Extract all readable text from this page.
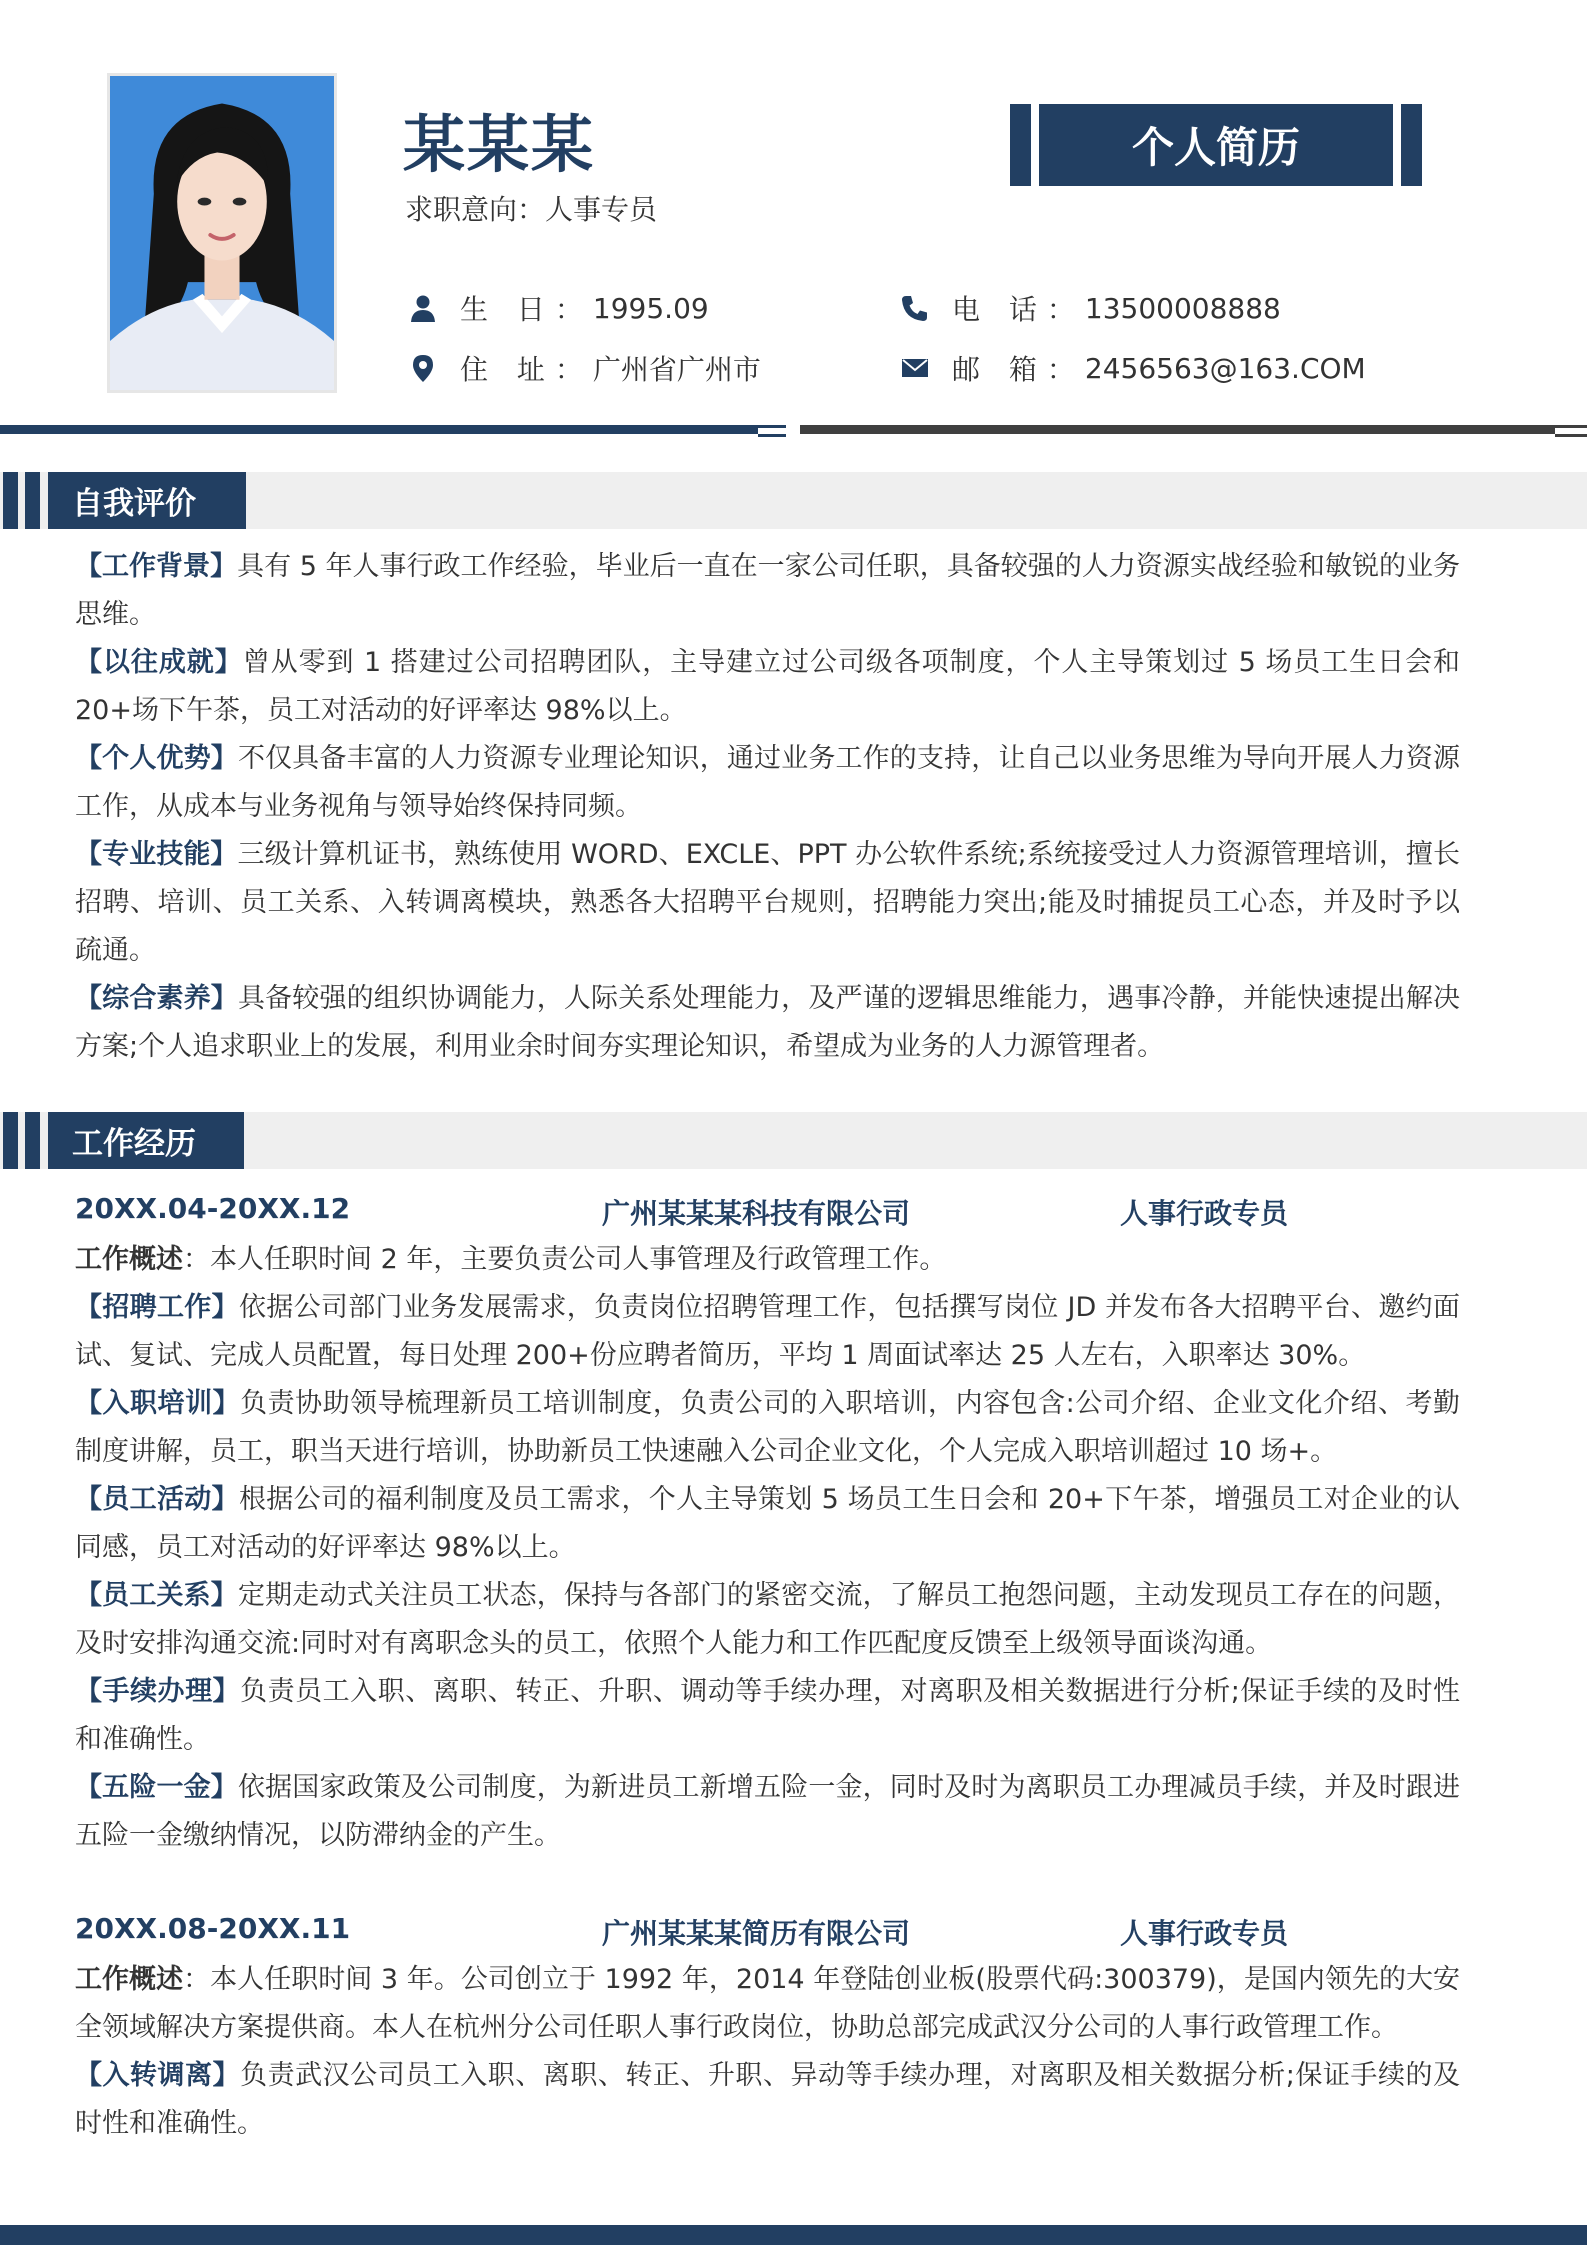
某某某
求职意向：人事专员
个人简历
生 日： 1995.09
住 址： 广州省广州市
电 话： 13500008888
邮 箱： 2456563@163.COM
自我评价
【工作背景】具有 5 年人事行政工作经验，毕业后一直在一家公司任职，具备较强的人力资源实战经验和敏锐的业务思维。
【以往成就】曾从零到 1 搭建过公司招聘团队，主导建立过公司级各项制度，个人主导策划过 5 场员工生日会和 20+场下午茶，员工对活动的好评率达 98%以上。
【个人优势】不仅具备丰富的人力资源专业理论知识，通过业务工作的支持，让自己以业务思维为导向开展人力资源工作，从成本与业务视角与领导始终保持同频。
【专业技能】三级计算机证书，熟练使用 WORD、EXCLE、PPT 办公软件系统;系统接受过人力资源管理培训，擅长招聘、培训、员工关系、入转调离模块，熟悉各大招聘平台规则，招聘能力突出;能及时捕捉员工心态，并及时予以疏通。
【综合素养】具备较强的组织协调能力，人际关系处理能力，及严谨的逻辑思维能力，遇事冷静，并能快速提出解决方案;个人追求职业上的发展，利用业余时间夯实理论知识，希望成为业务的人力源管理者。
工作经历
20XX.04-20XX.12	广州某某某科技有限公司	人事行政专员
工作概述：本人任职时间 2 年，主要负责公司人事管理及行政管理工作。
【招聘工作】依据公司部门业务发展需求，负责岗位招聘管理工作，包括撰写岗位 JD 并发布各大招聘平台、邀约面试、复试、完成人员配置，每日处理 200+份应聘者简历，平均 1 周面试率达 25 人左右，入职率达 30%。
【入职培训】负责协助领导梳理新员工培训制度，负责公司的入职培训，内容包含:公司介绍、企业文化介绍、考勤制度讲解，员工，职当天进行培训，协助新员工快速融入公司企业文化，个人完成入职培训超过 10 场+。
【员工活动】根据公司的福利制度及员工需求，个人主导策划 5 场员工生日会和 20+下午茶，增强员工对企业的认同感，员工对活动的好评率达 98%以上。
【员工关系】定期走动式关注员工状态，保持与各部门的紧密交流，了解员工抱怨问题，主动发现员工存在的问题，及时安排沟通交流:同时对有离职念头的员工，依照个人能力和工作匹配度反馈至上级领导面谈沟通。
【手续办理】负责员工入职、离职、转正、升职、调动等手续办理，对离职及相关数据进行分析;保证手续的及时性和准确性。
【五险一金】依据国家政策及公司制度，为新进员工新增五险一金，同时及时为离职员工办理减员手续，并及时跟进五险一金缴纳情况，以防滞纳金的产生。
20XX.08-20XX.11	广州某某某简历有限公司	人事行政专员
工作概述：本人任职时间 3 年。公司创立于 1992 年，2014 年登陆创业板(股票代码:300379)，是国内领先的大安全领域解决方案提供商。本人在杭州分公司任职人事行政岗位，协助总部完成武汉分公司的人事行政管理工作。
【入转调离】负责武汉公司员工入职、离职、转正、升职、异动等手续办理，对离职及相关数据分析;保证手续的及时性和准确性。
